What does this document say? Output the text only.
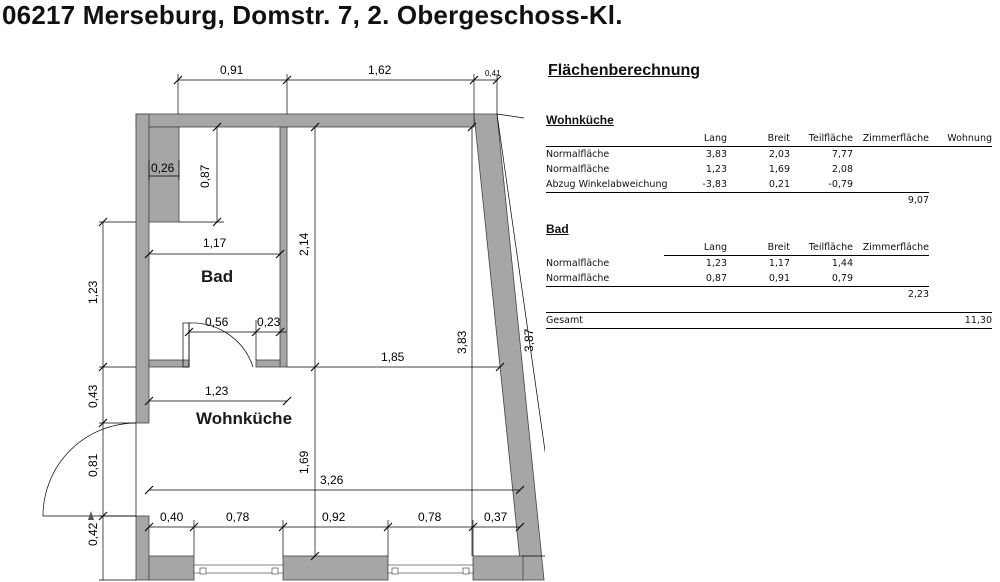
06217 Merseburg, Domstr. 7, 2. Obergeschoss-Kl.
Bad
Wohnküche
0,91	1,62	0,41
0,26 0,87
1,17	2,14
1,23
0,56 0,23
1,85
3,83	3,87
0,43	1,23
0,81	1,69
3,26
0,42
0,40	0,78	0,92	0,78	0,37
Flächenberechnung
Wohnküche
	Lang	Breit	Teilfläche	Zimmerfläche	Wohnung
Normalfläche	3,83	2,03	7,77		
Normalfläche	1,23	1,69	2,08		
Abzug Winkelabweichung	-3,83	0,21	-0,79		
				9,07	

Bad
	Lang	Breit	Teilfläche	Zimmerfläche	
Normalfläche	1,23	1,17	1,44		
Normalfläche	0,87	0,91	0,79		
				2,23	
Gesamt					11,30
